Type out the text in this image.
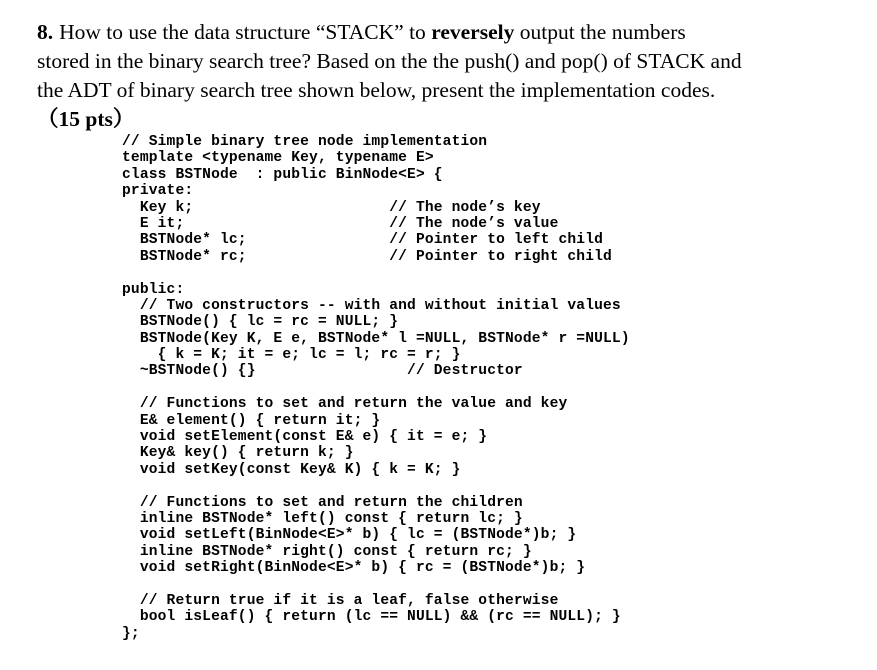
8. How to use the data structure “STACK” to reversely output the numbers
stored in the binary search tree? Based on the the push() and pop() of STACK and
the ADT of binary search tree shown below, present the implementation codes.
（15 pts）
// Simple binary tree node implementation
template <typename Key, typename E>
class BSTNode  : public BinNode<E> {
private:
Key k;                      // The node’s key
E it;                       // The node’s value
BSTNode* lc;                // Pointer to left child
BSTNode* rc;                // Pointer to right child
public:
// Two constructors -- with and without initial values
BSTNode() { lc = rc = NULL; }
BSTNode(Key K, E e, BSTNode* l =NULL, BSTNode* r =NULL)
{ k = K; it = e; lc = l; rc = r; }
~BSTNode() {}                 // Destructor
// Functions to set and return the value and key
E& element() { return it; }
void setElement(const E& e) { it = e; }
Key& key() { return k; }
void setKey(const Key& K) { k = K; }
// Functions to set and return the children
inline BSTNode* left() const { return lc; }
void setLeft(BinNode<E>* b) { lc = (BSTNode*)b; }
inline BSTNode* right() const { return rc; }
void setRight(BinNode<E>* b) { rc = (BSTNode*)b; }
// Return true if it is a leaf, false otherwise
bool isLeaf() { return (lc == NULL) && (rc == NULL); }
};
